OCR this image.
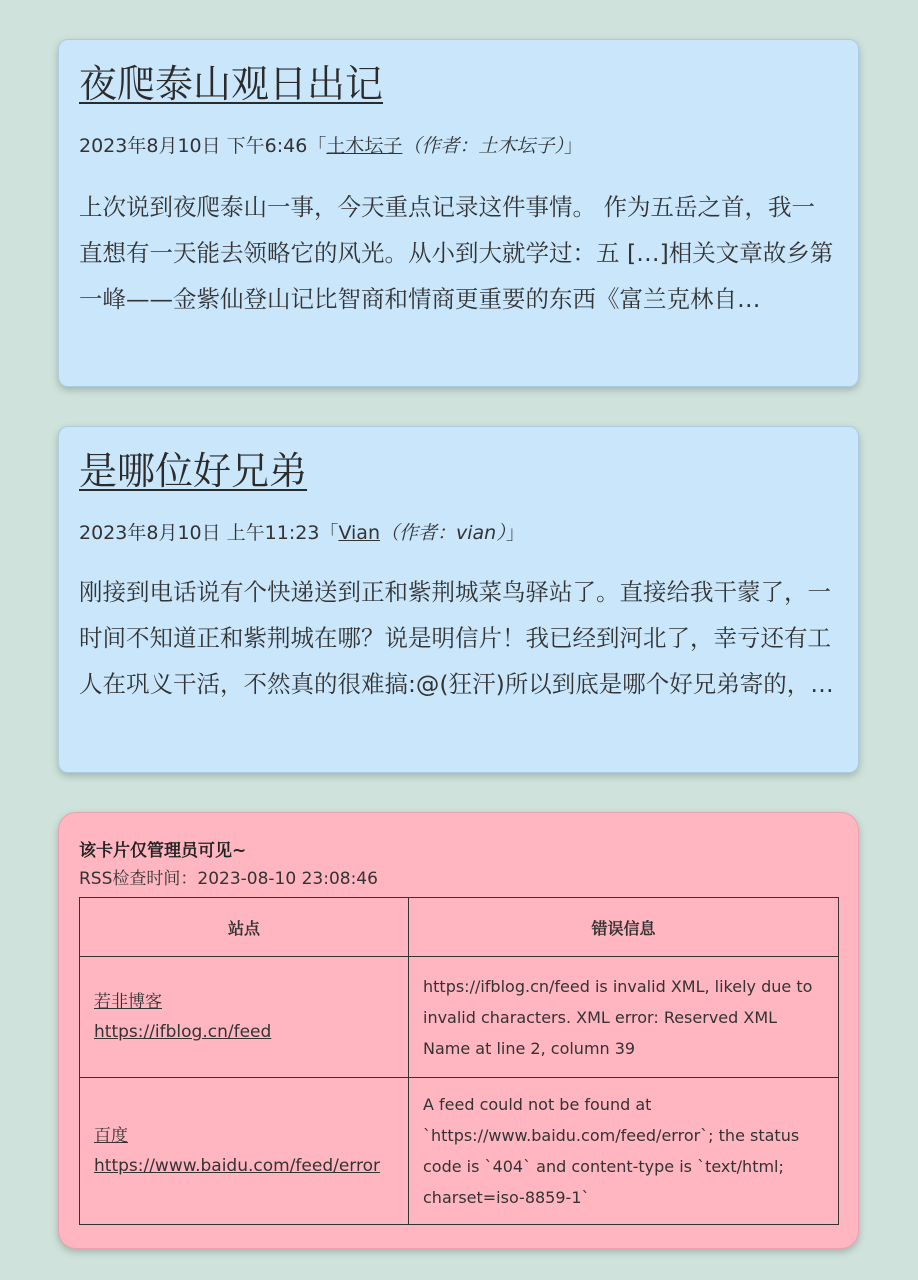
夜爬泰山观日出记
2023年8月10日 下午6:46「土木坛子（作者：土木坛子）」

上次说到夜爬泰山一事，今天重点记录这件事情。 作为五岳之首，我一直想有一天能去领略它的风光。从小到大就学过：五 […]相关文章故乡第一峰——金紫仙登山记比智商和情商更重要的东西《富兰克林自…

是哪位好兄弟
2023年8月10日 上午11:23「Vian（作者：vian）」

刚接到电话说有个快递送到正和紫荆城菜鸟驿站了。直接给我干蒙了，一时间不知道正和紫荆城在哪？说是明信片！我已经到河北了，幸亏还有工人在巩义干活，不然真的很难搞:@(狂汗)所以到底是哪个好兄弟寄的，…

该卡片仅管理员可见~
RSS检查时间：2023-08-10 23:08:46
站点	错误信息

若非博客
https://ifblog.cn/feed	https://ifblog.cn/feed is invalid XML, likely due to invalid characters. XML error: Reserved XML Name at line 2, column 39

百度
https://www.baidu.com/feed/error	A feed could not be found at `https://www.baidu.com/feed/error`; the status code is `404` and content-type is `text/html; charset=iso-8859-1`
